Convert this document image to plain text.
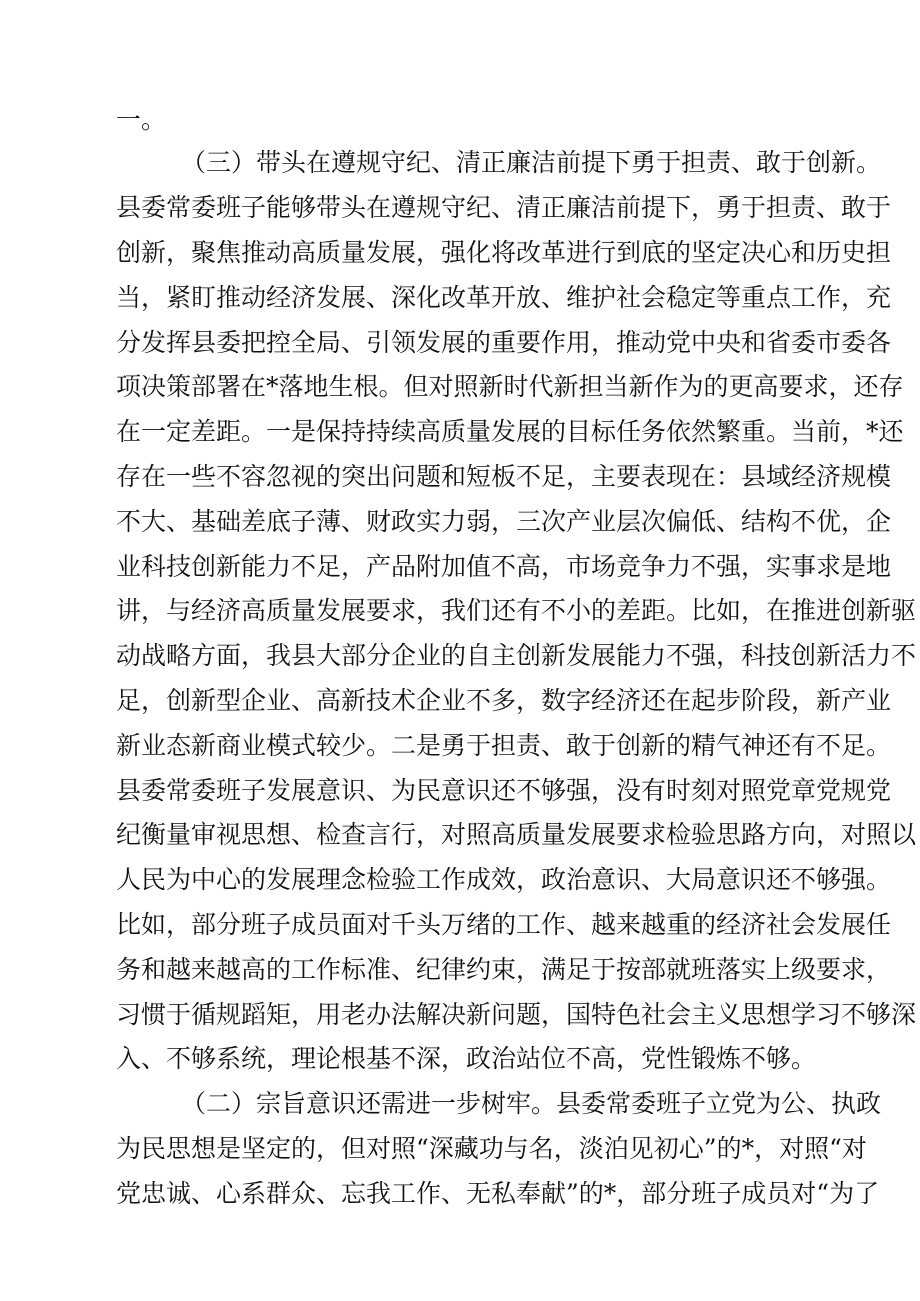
一。
（三）带头在遵规守纪、清正廉洁前提下勇于担责、敢于创新。
县委常委班子能够带头在遵规守纪、清正廉洁前提下，勇于担责、敢于
创新，聚焦推动高质量发展，强化将改革进行到底的坚定决心和历史担
当，紧盯推动经济发展、深化改革开放、维护社会稳定等重点工作，充
分发挥县委把控全局、引领发展的重要作用，推动党中央和省委市委各
项决策部署在*落地生根。但对照新时代新担当新作为的更高要求，还存
在一定差距。一是保持持续高质量发展的目标任务依然繁重。当前，*还
存在一些不容忽视的突出问题和短板不足，主要表现在：县域经济规模
不大、基础差底子薄、财政实力弱，三次产业层次偏低、结构不优，企
业科技创新能力不足，产品附加值不高，市场竞争力不强，实事求是地
讲，与经济高质量发展要求，我们还有不小的差距。比如，在推进创新驱
动战略方面，我县大部分企业的自主创新发展能力不强，科技创新活力不
足，创新型企业、高新技术企业不多，数字经济还在起步阶段，新产业
新业态新商业模式较少。二是勇于担责、敢于创新的精气神还有不足。
县委常委班子发展意识、为民意识还不够强，没有时刻对照党章党规党
纪衡量审视思想、检查言行，对照高质量发展要求检验思路方向，对照以
人民为中心的发展理念检验工作成效，政治意识、大局意识还不够强。
比如，部分班子成员面对千头万绪的工作、越来越重的经济社会发展任
务和越来越高的工作标准、纪律约束，满足于按部就班落实上级要求，
习惯于循规蹈矩，用老办法解决新问题，国特色社会主义思想学习不够深
入、不够系统，理论根基不深，政治站位不高，党性锻炼不够。
（二）宗旨意识还需进一步树牢。县委常委班子立党为公、执政
为民思想是坚定的，但对照“深藏功与名，淡泊见初心”的*，对照“对
党忠诚、心系群众、忘我工作、无私奉献”的*，部分班子成员对“为了
